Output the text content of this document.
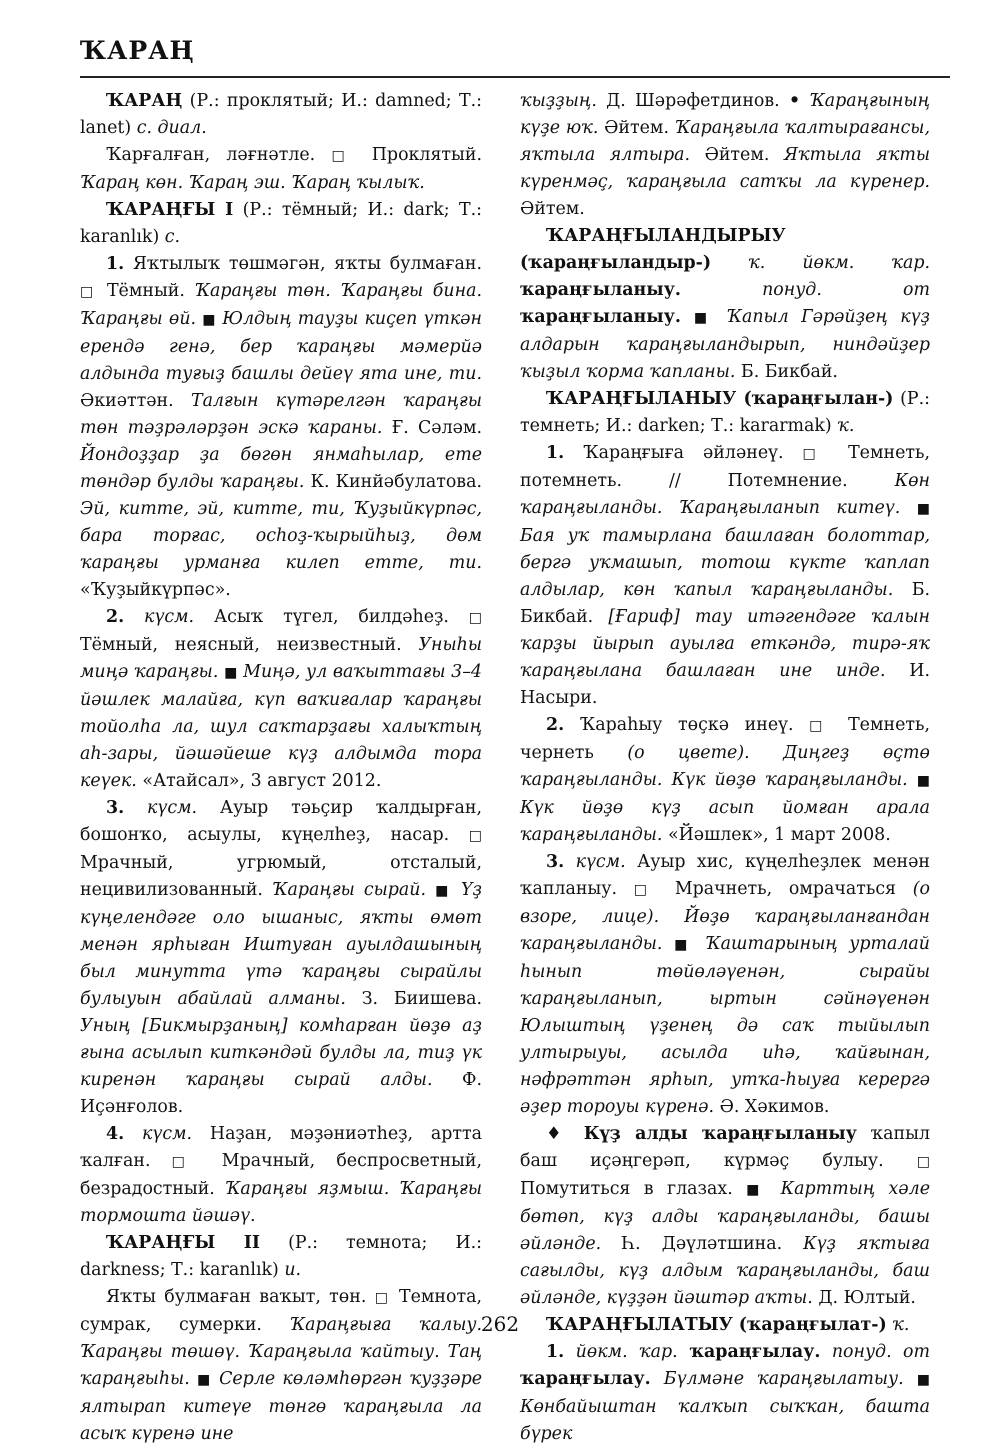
ҠАРАҢ

ҠАРАҢ (Р.: проклятый; И.: damned; Т.: lanet) с. диал.

Ҡарғалған, ләғнәтле. □ Проклятый. Ҡараң көн. Ҡараң эш. Ҡараң ҡылыҡ.

ҠАРАҢҒЫ I (Р.: тёмный; И.: dark; Т.: karanlık) с.

1. Яҡтылыҡ төшмәгән, яҡты булмаған. □ Тёмный. Ҡараңғы төн. Ҡараңғы бина. Ҡараңғы өй. ■ Юлдың тауҙы киҫеп үткән ерендә генә, бер ҡараңғы мәмерйә алдында туғыҙ башлы дейеү ята ине, ти. Әкиәттән. Талғын күтәрелгән ҡараңғы төн тәҙрәләрҙән эскә ҡараны. Ғ. Сәләм. Йондоҙҙар ҙа бөгөн янмаһылар, ете төндәр булды ҡараңғы. К. Кинйәбулатова. Эй, китте, эй, китте, ти, Ҡуҙыйкүрпәс, бара торғас, осһоҙ-ҡырыйһыҙ, дөм ҡараңғы урманға килеп етте, ти. «Ҡуҙыйкүрпәс».

2. күсм. Асыҡ түгел, билдәһеҙ. □ Тёмный, неясный, неизвестный. Уныһы миңә ҡараңғы. ■ Миңә, ул ваҡыттағы 3–4 йәшлек малайға, күп ваҡиғалар ҡараңғы тойолһа ла, шул саҡтарҙағы халыҡтың аһ-зары, йәшәйеше күҙ алдымда тора кеүек. «Атайсал», 3 август 2012.

3. күсм. Ауыр тәьҫир ҡалдырған, бошонҡо, асыулы, күңелһеҙ, насар. □ Мрачный, угрюмый, отсталый, нецивилизованный. Ҡараңғы сырай. ■ Үҙ күңелендәге оло ышаныс, яҡты өмөт менән ярһыған Иштуған ауылдашының был минутта үтә ҡараңғы сырайлы булыуын абайлай алманы. З. Биишева. Уның [Бикмырҙаның] комһарған йөҙө аҙ ғына асылып киткәндәй булды ла, тиҙ үк киренән ҡараңғы сырай алды. Ф. Иҫәнғолов.

4. күсм. Наҙан, мәҙәниәтһеҙ, артта ҡалған. □ Мрачный, беспросветный, безрадостный. Ҡараңғы яҙмыш. Ҡараңғы тормошта йәшәү.

ҠАРАҢҒЫ II (Р.: темнота; И.: darkness; Т.: karanlık) и.

Яҡты булмаған ваҡыт, төн. □ Темнота, сумрак, сумерки. Ҡараңғыға ҡалыу. Ҡараңғы төшөү. Ҡараңғыла ҡайтыу. Таң ҡараңғыһы. ■ Серле көләмһөргән ҡуҙҙәре ялтырап китеүе төнгө ҡараңғыла ла асыҡ күренә ине

ҡыҙҙың. Д. Шәрәфетдинов. • Ҡараңғының күҙе юҡ. Әйтем. Ҡараңғыла ҡалтырағансы, яҡтыла ялтыра. Әйтем. Яҡтыла яҡты күренмәҫ, ҡараңғыла сатҡы ла күренер. Әйтем.

ҠАРАҢҒЫЛАНДЫРЫУ (ҡараңғыландыр-) ҡ. йөкм. ҡар. ҡараңғыланыу. понуд. от ҡараңғыланыу. ■ Ҡапыл Гәрәйҙең күҙ алдарын ҡараңғыландырып, ниндәйҙер ҡыҙыл ҡорма ҡапланы. Б. Бикбай.

ҠАРАҢҒЫЛАНЫУ (ҡараңғылан-) (Р.: темнеть; И.: darken; Т.: kararmak) ҡ.

1. Ҡараңғыға әйләнеү. □ Темнеть, потемнеть. // Потемнение. Көн ҡараңғыланды. Ҡараңғыланып китеү. ■ Бая уҡ тамырлана башлаған болоттар, бергә уҡмашып, тотош күкте ҡаплап алдылар, көн ҡапыл ҡараңғыланды. Б. Бикбай. [Ғариф] тау итәгендәге ҡалын ҡарҙы йырып ауылға еткәндә, тирә-яҡ ҡараңғылана башлаған ине инде. И. Насыри.

2. Ҡараһыу төҫкә инеү. □ Темнеть, чернеть (о цвете). Диңгеҙ өҫтө ҡараңғыланды. Күк йөҙө ҡараңғыланды. ■ Күк йөҙө күҙ асып йомған арала ҡараңғыланды. «Йәшлек», 1 март 2008.

3. күсм. Ауыр хис, күңелһеҙлек менән ҡапланыу. □ Мрачнеть, омрачаться (о взоре, лице). Йөҙө ҡараңғыланғандан ҡараңғыланды. ■ Ҡаштарының урталай һынып төйөләүенән, сырайы ҡараңғыланып, ыртын сәйнәүенән Юлыштың үҙенең дә саҡ тыйылып ултырыуы, асылда иһә, ҡайғынан, нәфрәттән ярһып, утҡа-һыуға керергә әҙер тороуы күренә. Ә. Хәкимов.

♦ Күҙ алды ҡараңғыланыу ҡапыл баш иҫәңгерәп, күрмәҫ булыу. □ Помутиться в глазах. ■ Карттың хәле бөтөп, күҙ алды ҡараңғыланды, башы әйләнде. Һ. Дәүләтшина. Күҙ яҡтыға сағылды, күҙ алдым ҡараңғыланды, баш әйләнде, күҙҙән йәштәр аҡты. Д. Юлтый.

ҠАРАҢҒЫЛАТЫУ (ҡараңғылат-) ҡ.

1. йөкм. ҡар. ҡараңғылау. понуд. от ҡараңғылау. Бүлмәне ҡараңғылатыу. ■ Көнбайыштан ҡалҡып сыҡҡан, башта бүрек

262
